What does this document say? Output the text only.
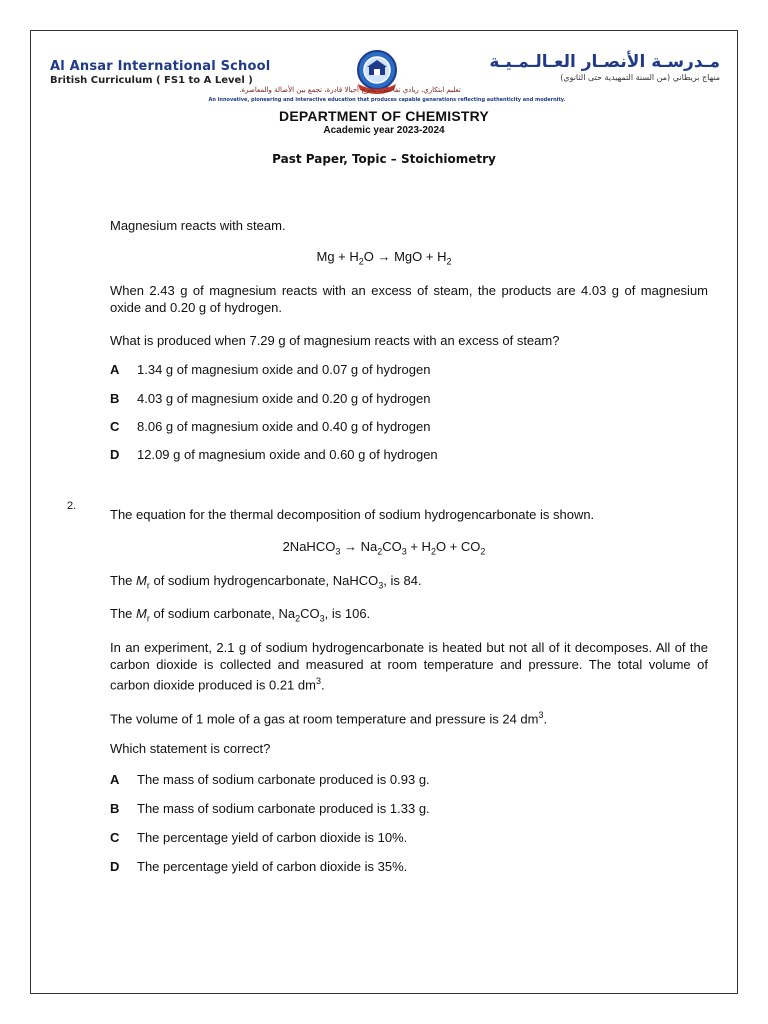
Al Ansar International School
British Curriculum ( FS1 to A Level )
مـدرسـة الأنصـار العـالـمـيـة
منهاج بريطاني (من السنة التمهيدية حتى الثانوي)
تعليم ابتكاري، ريادي تفاعلي، يخرج أجيالا قادرة، تجمع بين الأصالة والمعاصرة.
An innovative, pioneering and interactive education that produces capable generations reflecting authenticity and modernity.
DEPARTMENT OF CHEMISTRY
Academic year 2023-2024
Past Paper, Topic – Stoichiometry
Magnesium reacts with steam.
$Mg + H_2O$ → MgO + $H_2$
When 2.43 g of magnesium reacts with an excess of steam, the products are 4.03 g of magnesium oxide and 0.20 g of hydrogen.
What is produced when 7.29 g of magnesium reacts with an excess of steam?
A 1.34 g of magnesium oxide and 0.07 g of hydrogen
B 4.03 g of magnesium oxide and 0.20 g of hydrogen
C 8.06 g of magnesium oxide and 0.40 g of hydrogen
D 12.09 g of magnesium oxide and 0.60 g of hydrogen
2.
The equation for the thermal decomposition of sodium hydrogencarbonate is shown.
2NaHCO$_3$ → $Na_2CO_3 + H_2O + CO_2$
The $M_r$ of sodium hydrogencarbonate, NaHCO$_3$, is 84.
The $M_r$ of sodium carbonate, $Na_2CO_3$, is 106.
In an experiment, 2.1 g of sodium hydrogencarbonate is heated but not all of it decomposes. All of the carbon dioxide is collected and measured at room temperature and pressure. The total volume of carbon dioxide produced is 0.21 $dm^3$.
The volume of 1 mole of a gas at room temperature and pressure is 24 $dm^3$.
Which statement is correct?
A The mass of sodium carbonate produced is 0.93 g.
B The mass of sodium carbonate produced is 1.33 g.
C The percentage yield of carbon dioxide is 10%.
D The percentage yield of carbon dioxide is 35%.
